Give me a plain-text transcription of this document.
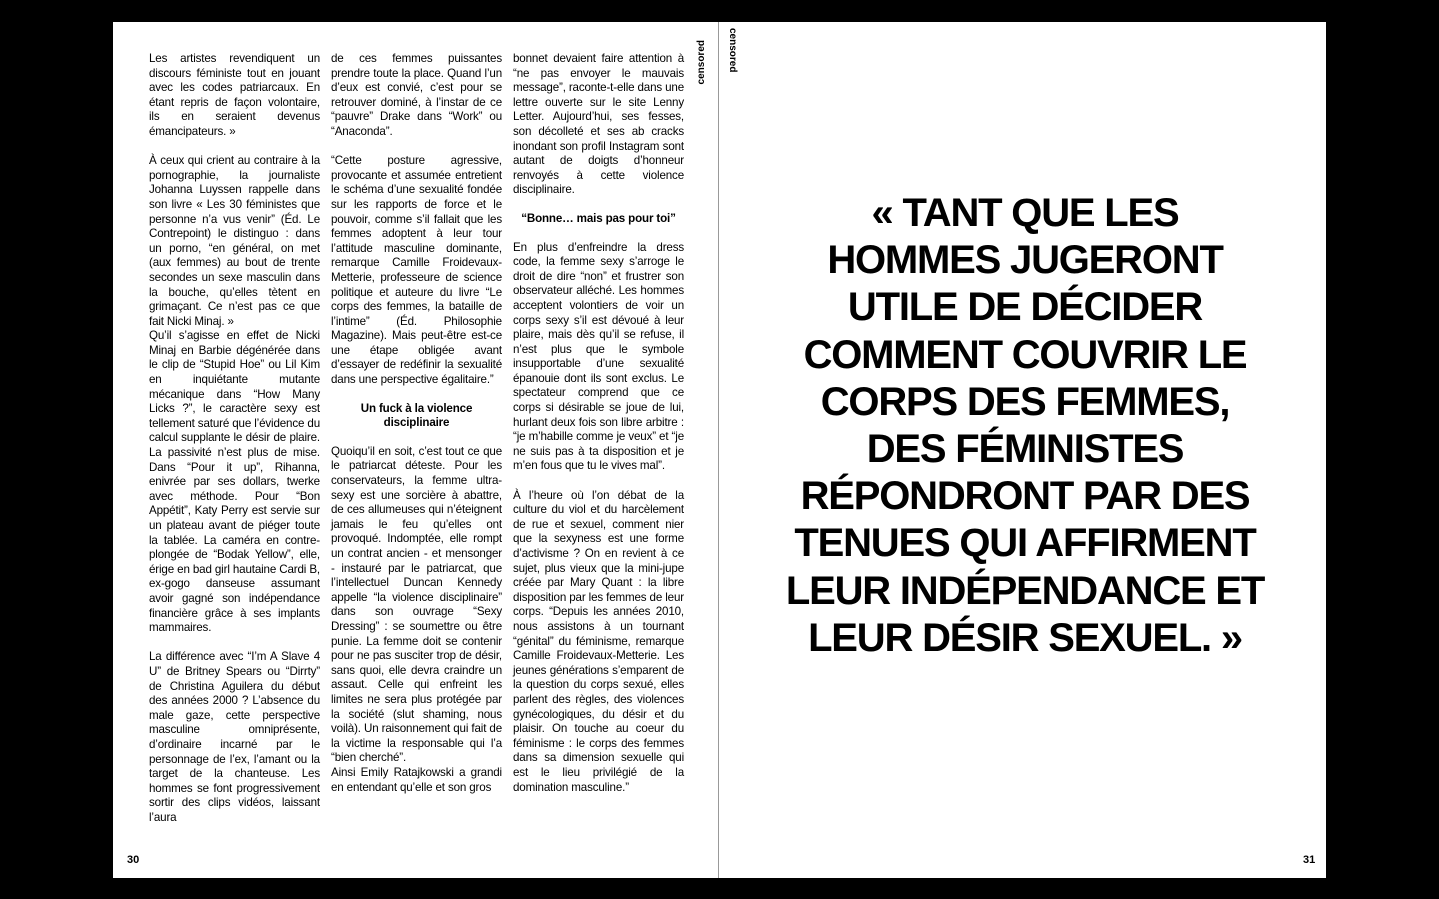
Les artistes revendiquent un discours féministe tout en jouant avec les codes patriarcaux. En étant repris de façon volontaire, ils en seraient devenus émancipateurs. »

À ceux qui crient au contraire à la pornographie, la journaliste Johanna Luyssen rappelle dans son livre « Les 30 féministes que personne n’a vus venir” (Éd. Le Contrepoint) le distinguo : dans un porno, “en général, on met (aux femmes) au bout de trente secondes un sexe masculin dans la bouche, qu’elles tètent en grimaçant. Ce n’est pas ce que fait Nicki Minaj. »

Qu’il s’agisse en effet de Nicki Minaj en Barbie dégénérée dans le clip de “Stupid Hoe” ou Lil Kim en inquiétante mutante mécanique dans “How Many Licks ?”, le caractère sexy est tellement saturé que l’évidence du calcul supplante le désir de plaire. La passivité n’est plus de mise. Dans “Pour it up”, Rihanna, enivrée par ses dollars, twerke avec méthode. Pour “Bon Appétit”, Katy Perry est servie sur un plateau avant de piéger toute la tablée. La caméra en contre-plongée de “Bodak Yellow”, elle, érige en bad girl hautaine Cardi B, ex-gogo danseuse assumant avoir gagné son indépendance financière grâce à ses implants mammaires.

La différence avec “I’m A Slave 4 U” de Britney Spears ou “Dirrty” de Christina Aguilera du début des années 2000 ? L’absence du male gaze, cette perspective masculine omniprésente, d’ordinaire incarné par le personnage de l’ex, l’amant ou la target de la chanteuse. Les hommes se font progressivement sortir des clips vidéos, laissant l’aura

de ces femmes puissantes prendre toute la place. Quand l’un d’eux est convié, c’est pour se retrouver dominé, à l’instar de ce “pauvre” Drake dans “Work” ou “Anaconda”.

“Cette posture agressive, provocante et assumée entretient le schéma d’une sexualité fondée sur les rapports de force et le pouvoir, comme s’il fallait que les femmes adoptent à leur tour l’attitude masculine dominante, remarque Camille Froidevaux-Metterie, professeure de science politique et auteure du livre “Le corps des femmes, la bataille de l’intime” (Éd. Philosophie Magazine). Mais peut-être est-ce une étape obligée avant d’essayer de redéfinir la sexualité dans une perspective égalitaire.”

Un fuck à la violence disciplinaire

Quoiqu’il en soit, c’est tout ce que le patriarcat déteste. Pour les conservateurs, la femme ultra-sexy est une sorcière à abattre, de ces allumeuses qui n’éteignent jamais le feu qu’elles ont provoqué. Indomptée, elle rompt un contrat ancien - et mensonger - instauré par le patriarcat, que l’intellectuel Duncan Kennedy appelle “la violence disciplinaire” dans son ouvrage “Sexy Dressing” : se soumettre ou être punie. La femme doit se contenir pour ne pas susciter trop de désir, sans quoi, elle devra craindre un assaut. Celle qui enfreint les limites ne sera plus protégée par la société (slut shaming, nous voilà). Un raisonnement qui fait de la victime la responsable qui l’a “bien cherché”.

Ainsi Emily Ratajkowski a grandi en entendant qu’elle et son gros

bonnet devaient faire attention à “ne pas envoyer le mauvais message”, raconte-t-elle dans une lettre ouverte sur le site Lenny Letter. Aujourd’hui, ses fesses, son décolleté et ses ab cracks inondant son profil Instagram sont autant de doigts d’honneur renvoyés à cette violence disciplinaire.

“Bonne… mais pas pour toi”

En plus d’enfreindre la dress code, la femme sexy s’arroge le droit de dire “non” et frustrer son observateur alléché. Les hommes acceptent volontiers de voir un corps sexy s’il est dévoué à leur plaire, mais dès qu’il se refuse, il n’est plus que le symbole insupportable d’une sexualité épanouie dont ils sont exclus. Le spectateur comprend que ce corps si désirable se joue de lui, hurlant deux fois son libre arbitre : “je m’habille comme je veux” et “je ne suis pas à ta disposition et je m’en fous que tu le vives mal”.

À l’heure où l’on débat de la culture du viol et du harcèlement de rue et sexuel, comment nier que la sexyness est une forme d’activisme ? On en revient à ce sujet, plus vieux que la mini-jupe créée par Mary Quant : la libre disposition par les femmes de leur corps. “Depuis les années 2010, nous assistons à un tournant “génital” du féminisme, remarque Camille Froidevaux-Metterie. Les jeunes générations s’emparent de la question du corps sexué, elles parlent des règles, des violences gynécologiques, du désir et du plaisir. On touche au coeur du féminisme : le corps des femmes dans sa dimension sexuelle qui est le lieu privilégié de la domination masculine.”

censored censored
30	31
« TANT QUE LES
HOMMES JUGERONT
UTILE DE DÉCIDER
COMMENT COUVRIR LE
CORPS DES FEMMES,
DES FÉMINISTES
RÉPONDRONT PAR DES
TENUES QUI AFFIRMENT
LEUR INDÉPENDANCE ET
LEUR DÉSIR SEXUEL. »
